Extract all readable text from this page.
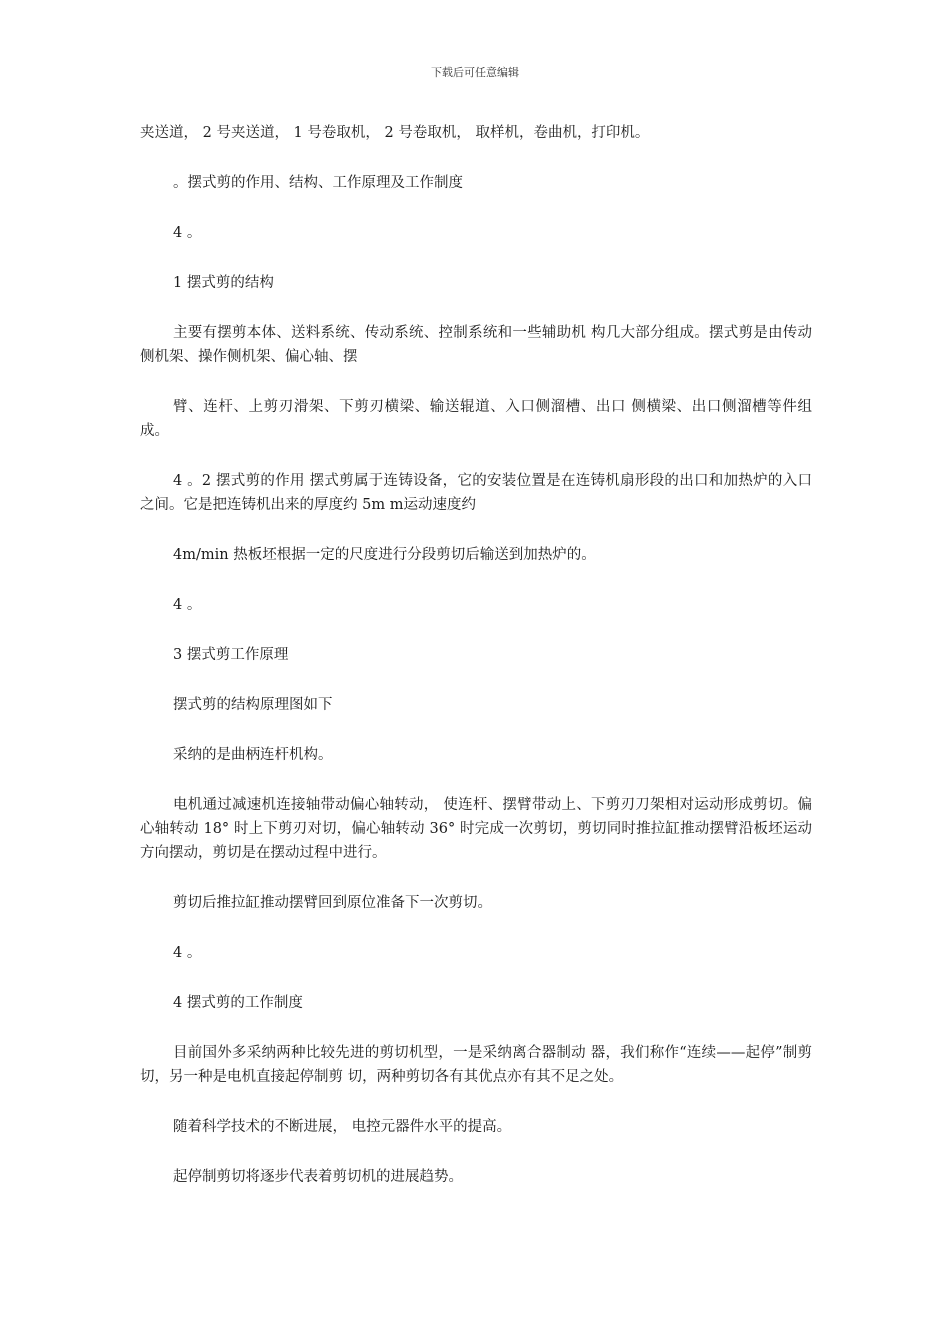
下载后可任意编辑

夹送道， 2 号夹送道， 1 号卷取机， 2 号卷取机， 取样机，卷曲机，打印机。

。摆式剪的作用、结构、工作原理及工作制度

4 。

1 摆式剪的结构

主要有摆剪本体、送料系统、传动系统、控制系统和一些辅助机 构几大部分组成。摆式剪是由传动侧机架、操作侧机架、偏心轴、摆

臂、连杆、上剪刃滑架、下剪刃横梁、输送辊道、入口侧溜槽、出口 侧横梁、出口侧溜槽等件组成。

4 。2 摆式剪的作用 摆式剪属于连铸设备，它的安装位置是在连铸机扇形段的出口和加热炉的入口之间。它是把连铸机出来的厚度约 5m m运动速度约

4m/min 热板坯根据一定的尺度进行分段剪切后输送到加热炉的。

4 。

3 摆式剪工作原理

摆式剪的结构原理图如下

采纳的是曲柄连杆机构。

电机通过减速机连接轴带动偏心轴转动， 使连杆、摆臂带动上、下剪刃刀架相对运动形成剪切。偏心轴转动 18° 时上下剪刃对切，偏心轴转动 36° 时完成一次剪切，剪切同时推拉缸推动摆臂沿板坯运动方向摆动，剪切是在摆动过程中进行。

剪切后推拉缸推动摆臂回到原位准备下一次剪切。

4 。

4 摆式剪的工作制度

目前国外多采纳两种比较先进的剪切机型，一是采纳离合器制动 器，我们称作“连续——起停”制剪切，另一种是电机直接起停制剪 切，两种剪切各有其优点亦有其不足之处。

随着科学技术的不断进展， 电控元器件水平的提高。

起停制剪切将逐步代表着剪切机的进展趋势。
